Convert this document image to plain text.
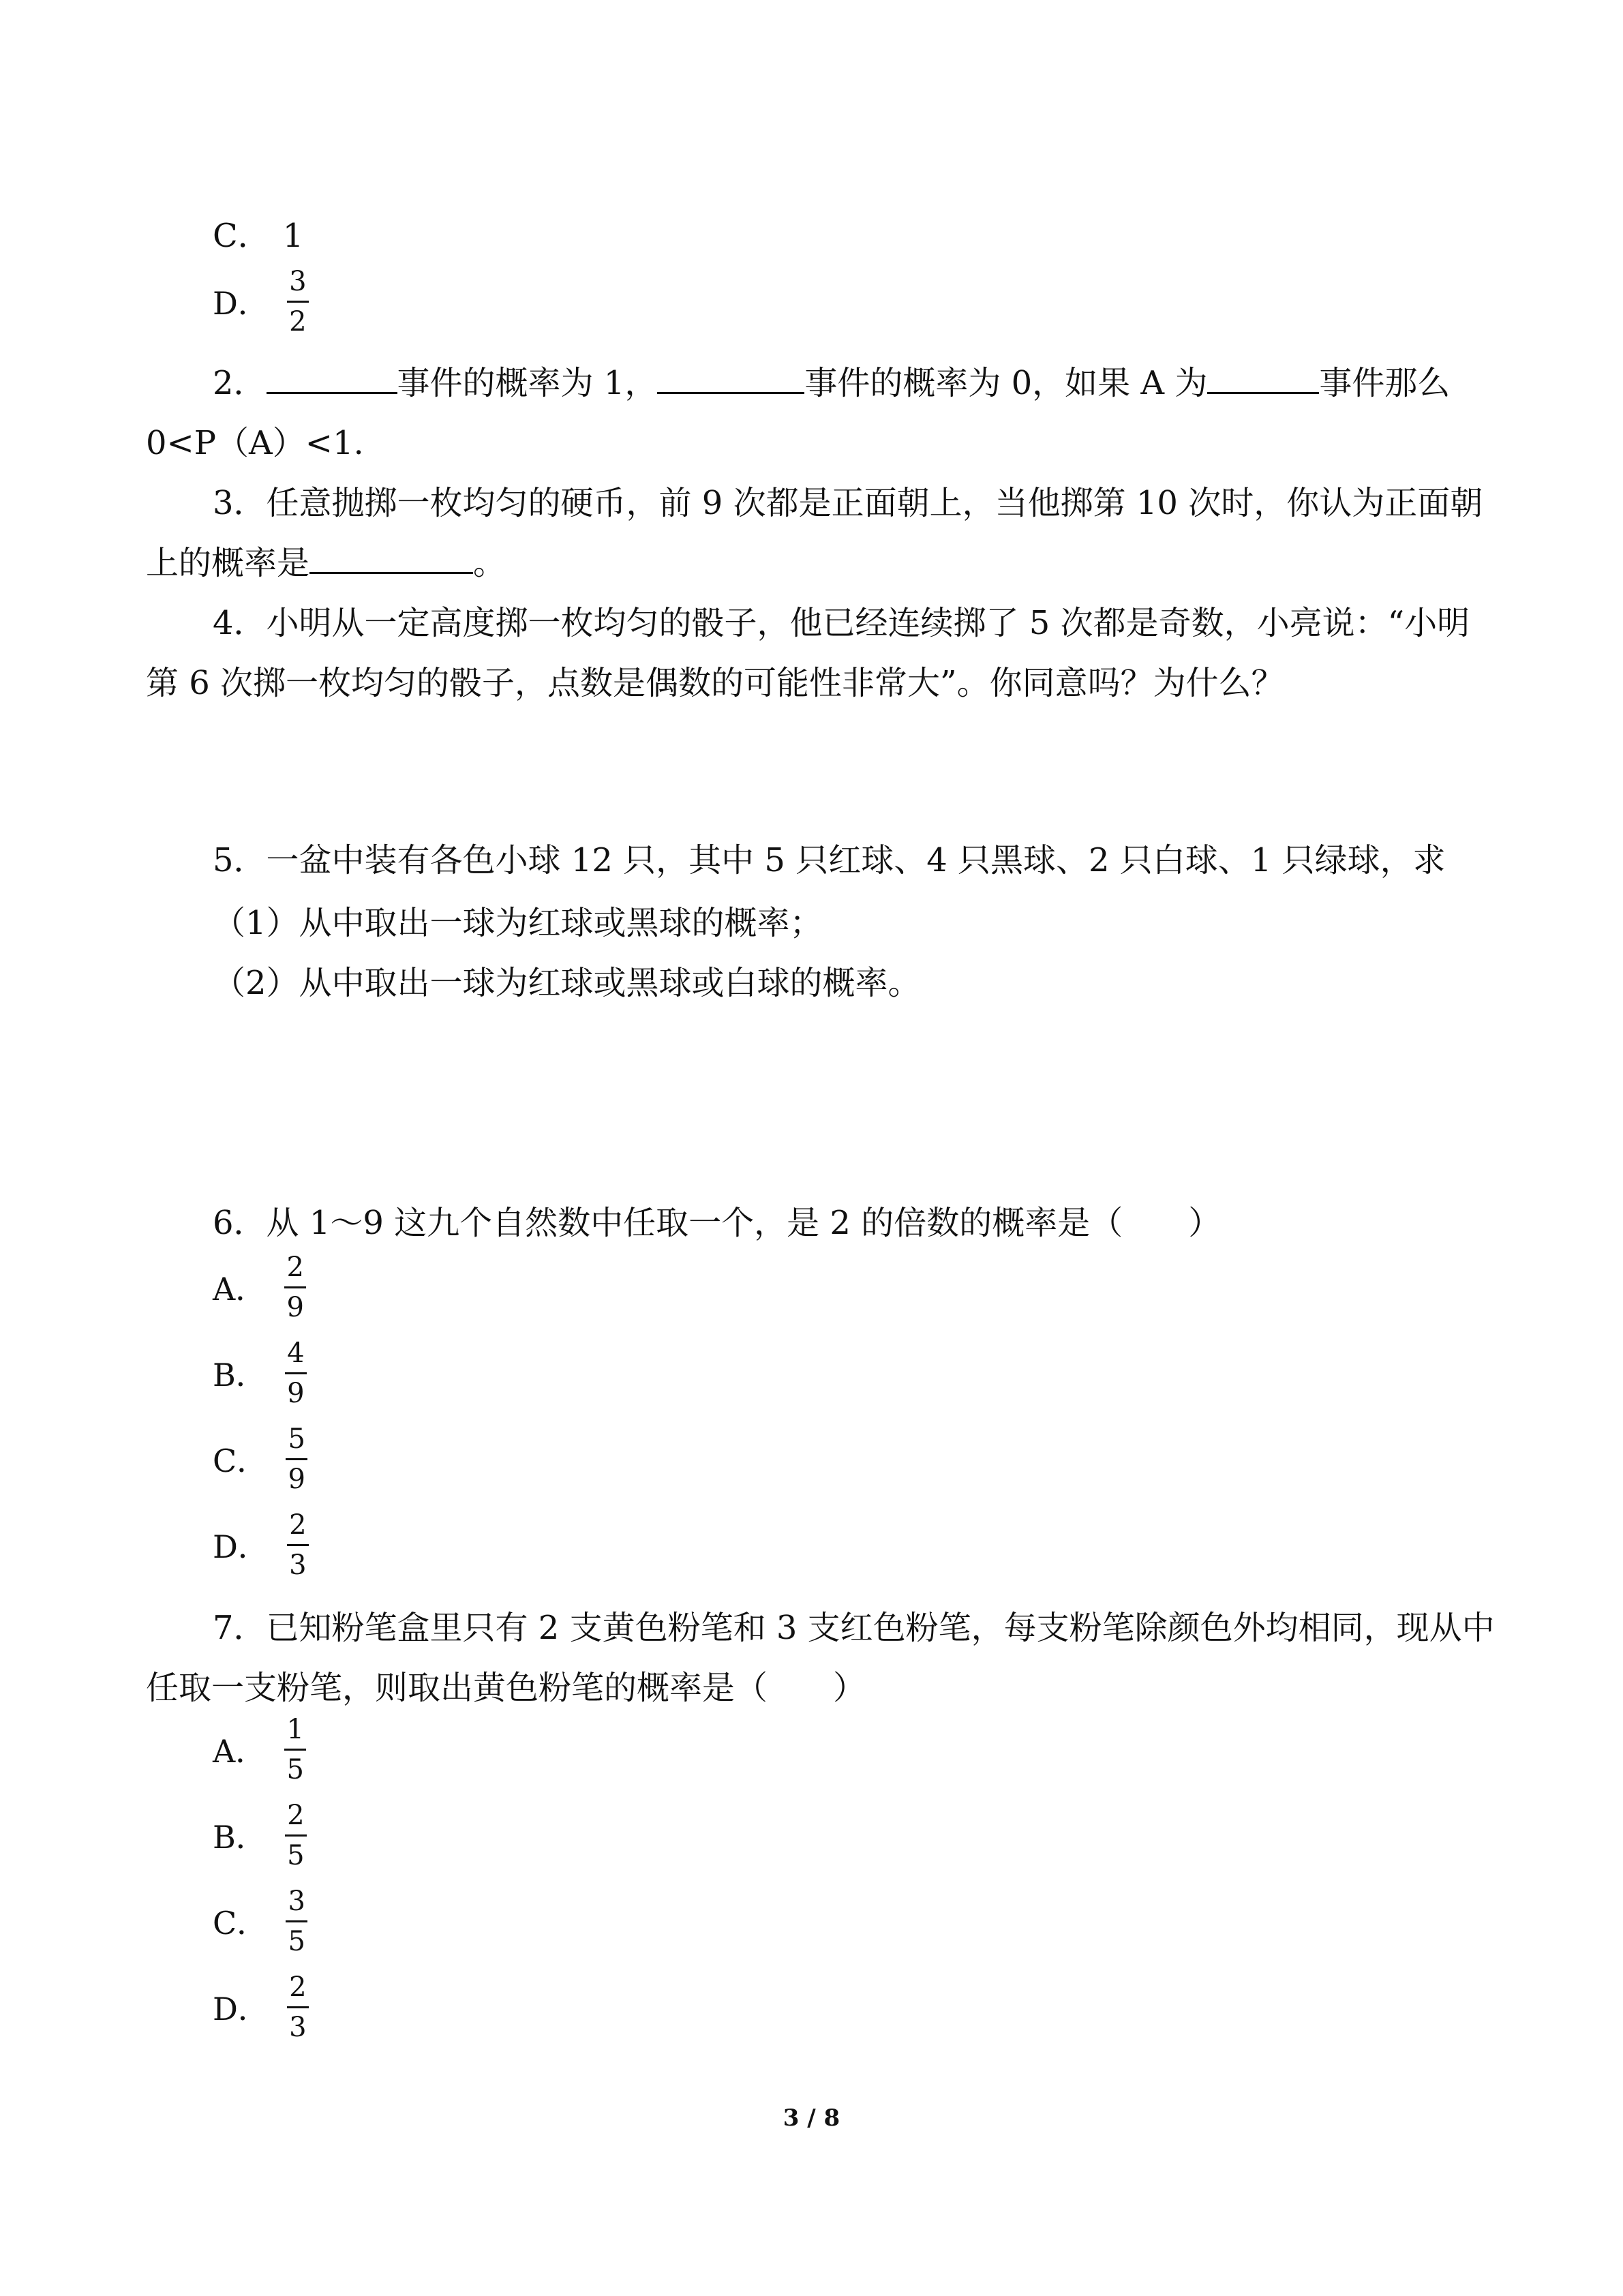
C． 1
D． $\frac{3}{2}$
2．	事件的概率为 1，	事件的概率为 0，如果 A 为	事件那么
0<P（A）<1.
3．任意抛掷一枚均匀的硬币，前 9 次都是正面朝上，当他掷第 10 次时，你认为正面朝
上的概率是	。
4．小明从一定高度掷一枚均匀的骰子，他已经连续掷了 5 次都是奇数，小亮说：“小明
第 6 次掷一枚均匀的骰子，点数是偶数的可能性非常大”。你同意吗？为什么？
5．一盆中装有各色小球 12 只，其中 5 只红球、4 只黑球、2 只白球、1 只绿球，求
（1）从中取出一球为红球或黑球的概率；
（2）从中取出一球为红球或黑球或白球的概率。
6．从 1～9 这九个自然数中任取一个，是 2 的倍数的概率是（　　）
A． $\frac{2}{9}$
B． $\frac{4}{9}$
C． $\frac{5}{9}$
D． $\frac{2}{3}$
7．已知粉笔盒里只有 2 支黄色粉笔和 3 支红色粉笔，每支粉笔除颜色外均相同，现从中
任取一支粉笔，则取出黄色粉笔的概率是（　　）
A． $\frac{1}{5}$
B． $\frac{2}{5}$
C． $\frac{3}{5}$
D． $\frac{2}{3}$
3 / 8
